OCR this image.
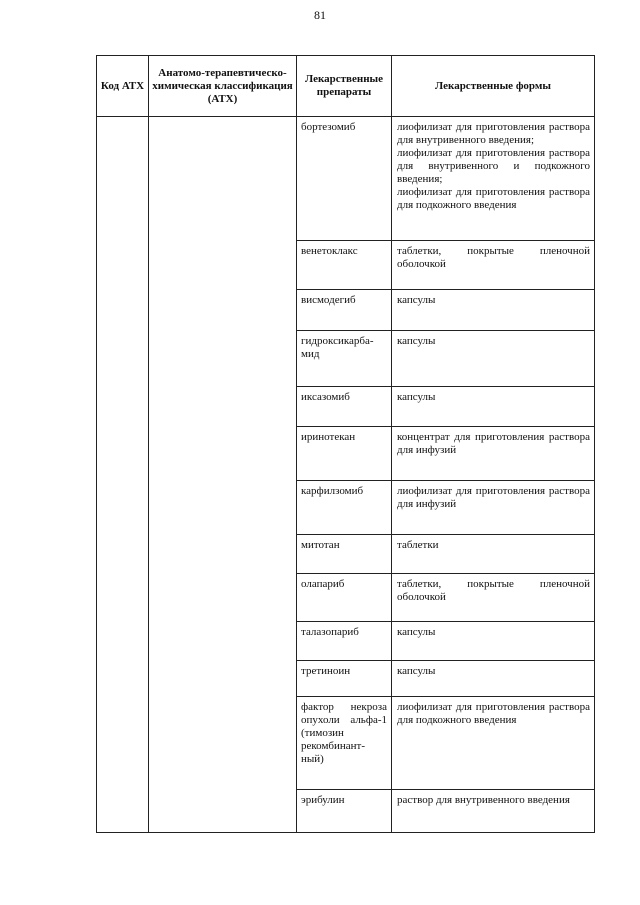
81
Код АТХ	Анатомо-терапевтическо-химическая классификация (АТХ)	Лекарственные препараты	Лекарственные формы
		бортезомиб	лиофилизат для приготовления раствора для внутривенного введения;
лиофилизат для приготовления раствора для внутривенного и подкожного введения;
лиофилизат для приготовления раствора для подкожного введения

		венетоклакс	таблетки, покрытые пленочной оболочкой

		висмодегиб	капсулы

		гидроксикарба-мид	капсулы

		иксазомиб	капсулы

		иринотекан	концентрат для приготовления раствора для инфузий

		карфилзомиб	лиофилизат для приготовления раствора для инфузий

		митотан	таблетки

		олапариб	таблетки, покрытые пленочной оболочкой

		талазопариб	капсулы

		третиноин	капсулы

		фактор некроза опухоли альфа-1 (тимозин рекомбинант-ный)	лиофилизат для приготовления раствора для подкожного введения

		эрибулин	раствор для внутривенного введения
